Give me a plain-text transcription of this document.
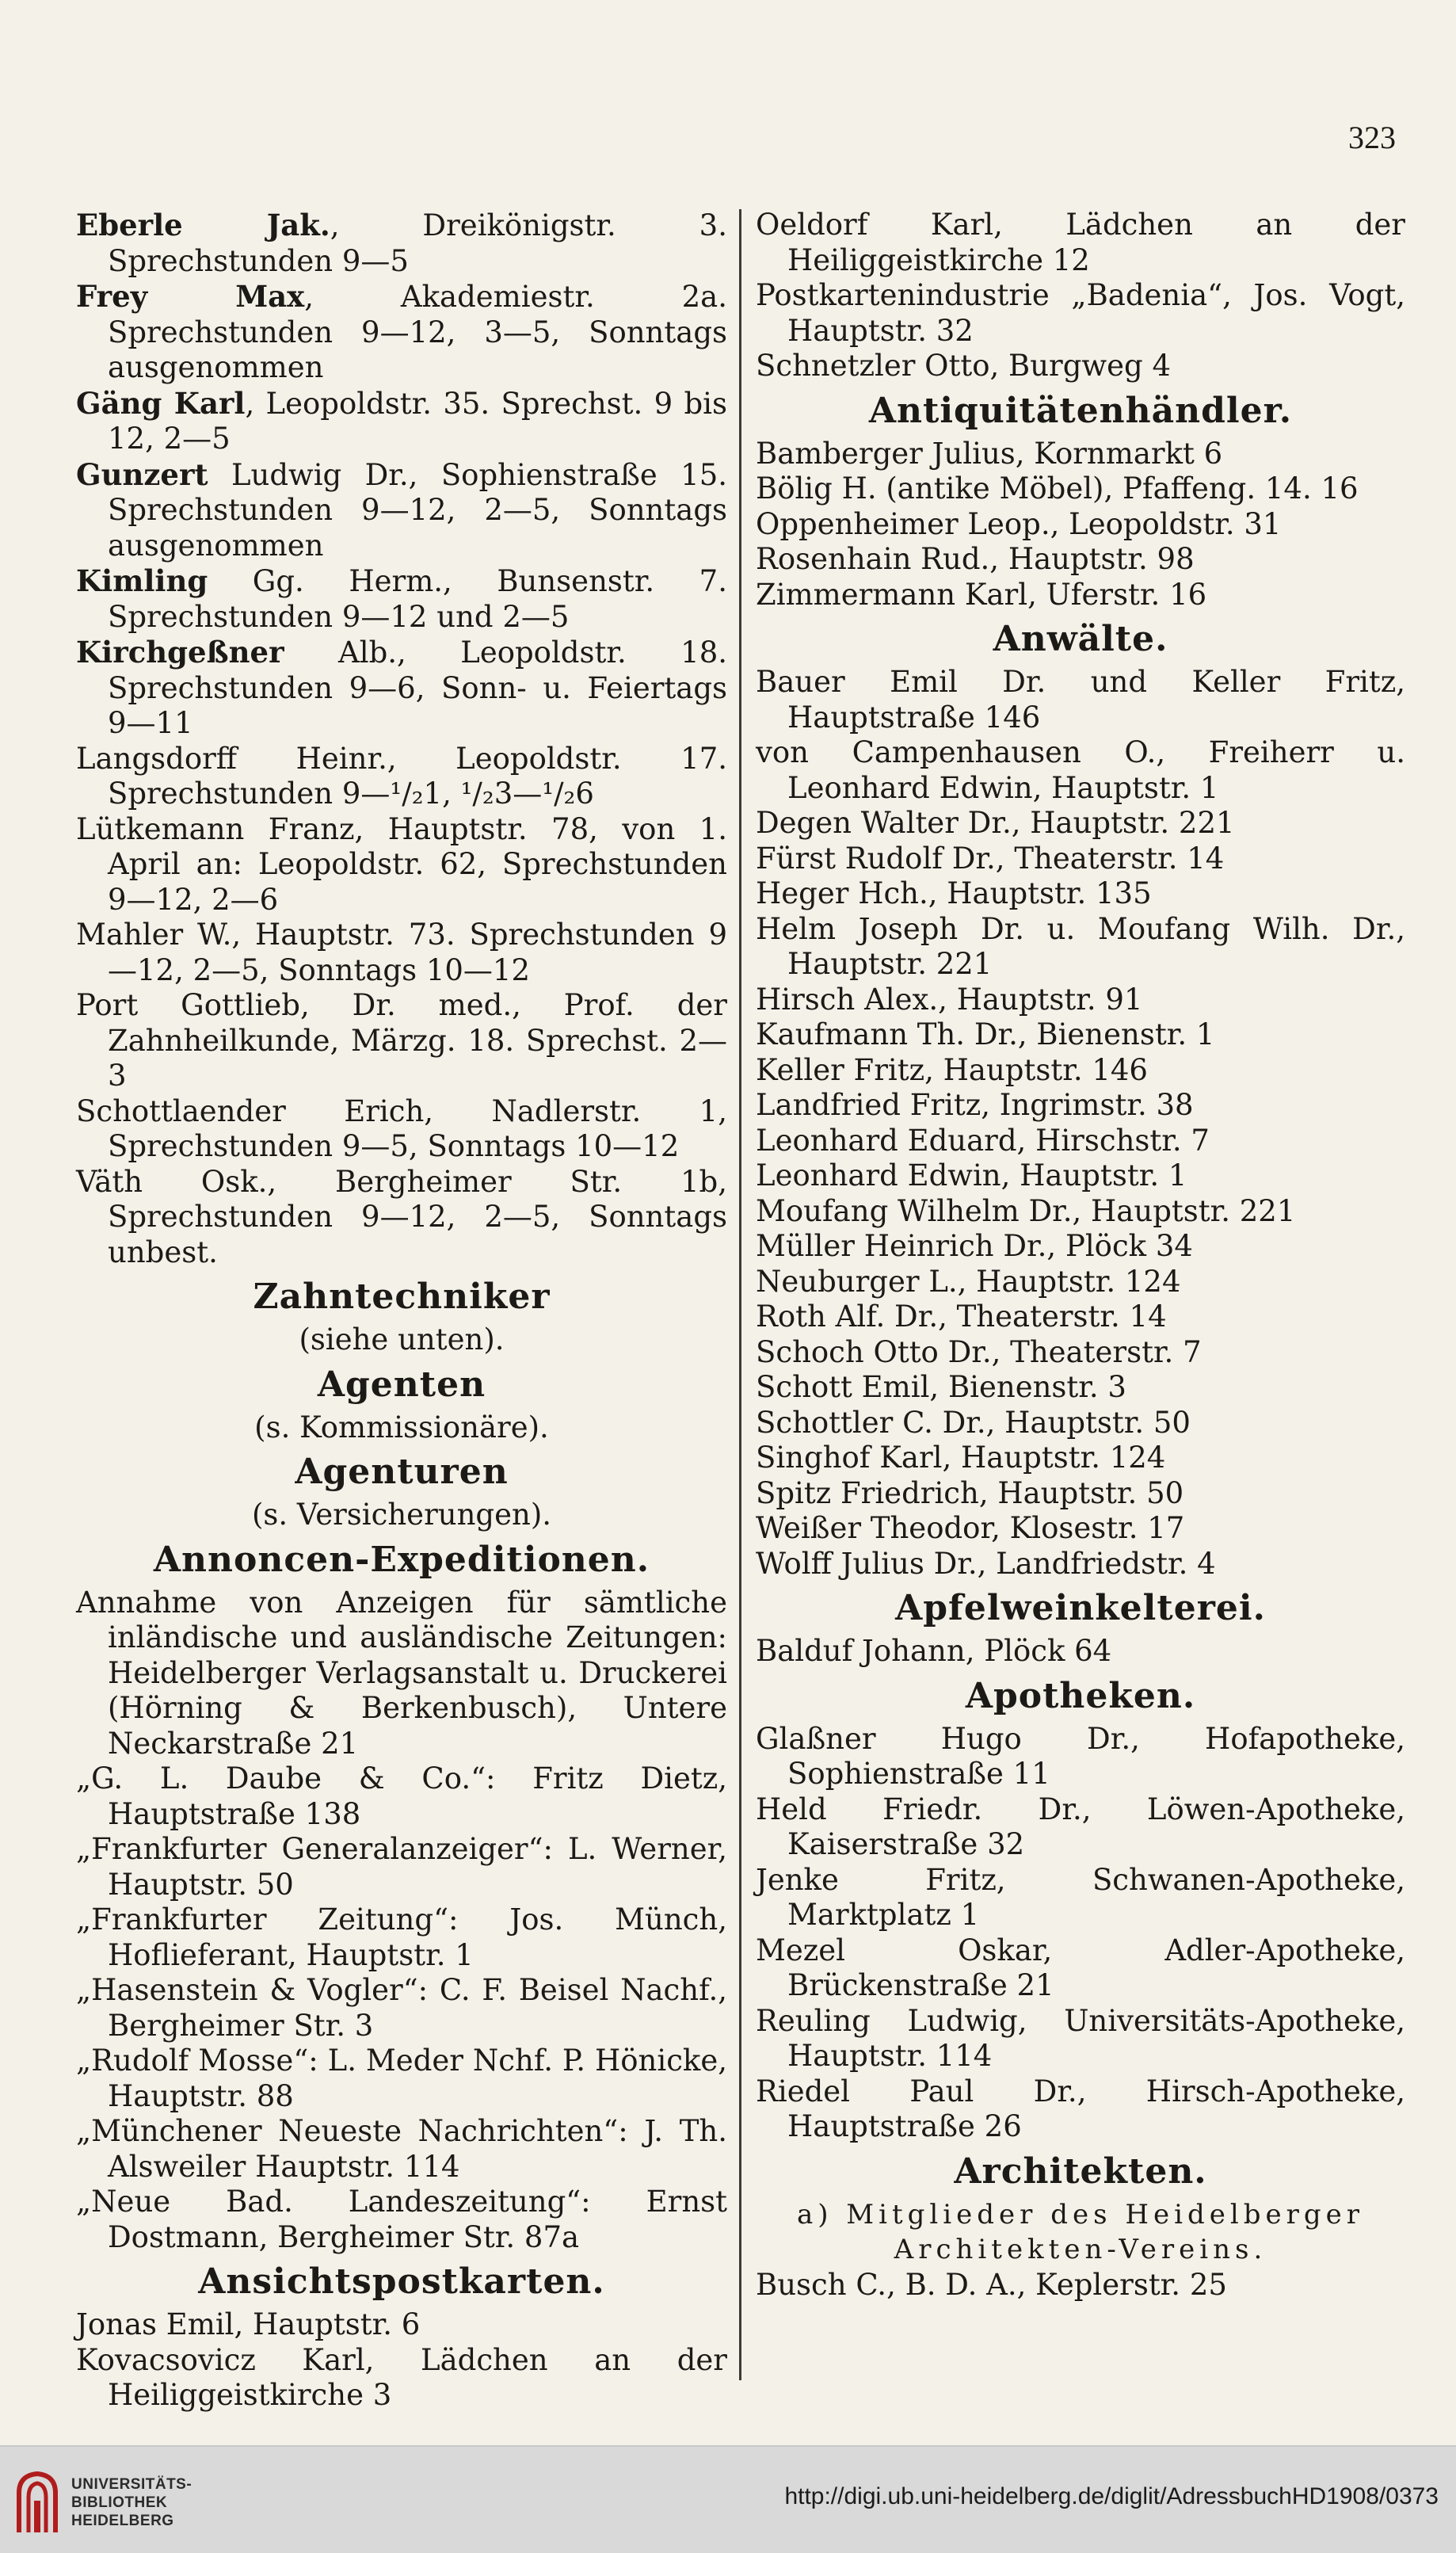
323

Eberle Jak., Dreikönigstr. 3. Sprechstunden 9—5

Frey Max, Akademiestr. 2a. Sprechstunden 9—12, 3—5, Sonntags ausgenommen

Gäng Karl, Leopoldstr. 35. Sprechst. 9 bis 12, 2—5

Gunzert Ludwig Dr., Sophienstraße 15. Sprechstunden 9—12, 2—5, Sonntags ausgenommen

Kimling Gg. Herm., Bunsenstr. 7. Sprechstunden 9—12 und 2—5

Kirchgeßner Alb., Leopoldstr. 18. Sprechstunden 9—6, Sonn- u. Feiertags 9—11

Langsdorff Heinr., Leopoldstr. 17. Sprechstunden 9—¹/₂1, ¹/₂3—¹/₂6

Lütkemann Franz, Hauptstr. 78, von 1. April an: Leopoldstr. 62, Sprechstunden 9—12, 2—6

Mahler W., Hauptstr. 73. Sprechstunden 9—12, 2—5, Sonntags 10—12

Port Gottlieb, Dr. med., Prof. der Zahnheilkunde, Märzg. 18. Sprechst. 2—3

Schottlaender Erich, Nadlerstr. 1, Sprechstunden 9—5, Sonntags 10—12

Väth Osk., Bergheimer Str. 1b, Sprechstunden 9—12, 2—5, Sonntags unbest.

Zahntechniker
(siehe unten).
Agenten
(s. Kommissionäre).
Agenturen
(s. Versicherungen).
Annoncen-Expeditionen.

Annahme von Anzeigen für sämtliche inländische und ausländische Zeitungen: Heidelberger Verlagsanstalt u. Druckerei (Hörning & Berkenbusch), Untere Neckarstraße 21

„G. L. Daube & Co.“: Fritz Dietz, Hauptstraße 138

„Frankfurter Generalanzeiger“: L. Werner, Hauptstr. 50

„Frankfurter Zeitung“: Jos. Münch, Hoflieferant, Hauptstr. 1

„Hasenstein & Vogler“: C. F. Beisel Nachf., Bergheimer Str. 3

„Rudolf Mosse“: L. Meder Nchf. P. Hönicke, Hauptstr. 88

„Münchener Neueste Nachrichten“: J. Th. Alsweiler Hauptstr. 114

„Neue Bad. Landeszeitung“: Ernst Dostmann, Bergheimer Str. 87a

Ansichtspostkarten.

Jonas Emil, Hauptstr. 6

Kovacsovicz Karl, Lädchen an der Heiliggeistkirche 3

Oeldorf Karl, Lädchen an der Heiliggeistkirche 12

Postkartenindustrie „Badenia“, Jos. Vogt, Hauptstr. 32

Schnetzler Otto, Burgweg 4

Antiquitätenhändler.

Bamberger Julius, Kornmarkt 6

Bölig H. (antike Möbel), Pfaffeng. 14. 16

Oppenheimer Leop., Leopoldstr. 31

Rosenhain Rud., Hauptstr. 98

Zimmermann Karl, Uferstr. 16

Anwälte.

Bauer Emil Dr. und Keller Fritz, Hauptstraße 146

von Campenhausen O., Freiherr u. Leonhard Edwin, Hauptstr. 1

Degen Walter Dr., Hauptstr. 221

Fürst Rudolf Dr., Theaterstr. 14

Heger Hch., Hauptstr. 135

Helm Joseph Dr. u. Moufang Wilh. Dr., Hauptstr. 221

Hirsch Alex., Hauptstr. 91

Kaufmann Th. Dr., Bienenstr. 1

Keller Fritz, Hauptstr. 146

Landfried Fritz, Ingrimstr. 38

Leonhard Eduard, Hirschstr. 7

Leonhard Edwin, Hauptstr. 1

Moufang Wilhelm Dr., Hauptstr. 221

Müller Heinrich Dr., Plöck 34

Neuburger L., Hauptstr. 124

Roth Alf. Dr., Theaterstr. 14

Schoch Otto Dr., Theaterstr. 7

Schott Emil, Bienenstr. 3

Schottler C. Dr., Hauptstr. 50

Singhof Karl, Hauptstr. 124

Spitz Friedrich, Hauptstr. 50

Weißer Theodor, Klosestr. 17

Wolff Julius Dr., Landfriedstr. 4

Apfelweinkelterei.

Balduf Johann, Plöck 64

Apotheken.

Glaßner Hugo Dr., Hofapotheke, Sophienstraße 11

Held Friedr. Dr., Löwen-Apotheke, Kaiserstraße 32

Jenke Fritz, Schwanen-Apotheke, Marktplatz 1

Mezel Oskar, Adler-Apotheke, Brückenstraße 21

Reuling Ludwig, Universitäts-Apotheke, Hauptstr. 114

Riedel Paul Dr., Hirsch-Apotheke, Hauptstraße 26

Architekten.
a) Mitglieder des Heidelberger Architekten-Vereins.

Busch C., B. D. A., Keplerstr. 25

UNIVERSITÄTS-
BIBLIOTHEK
HEIDELBERG
http://digi.ub.uni-heidelberg.de/diglit/AdressbuchHD1908/0373
